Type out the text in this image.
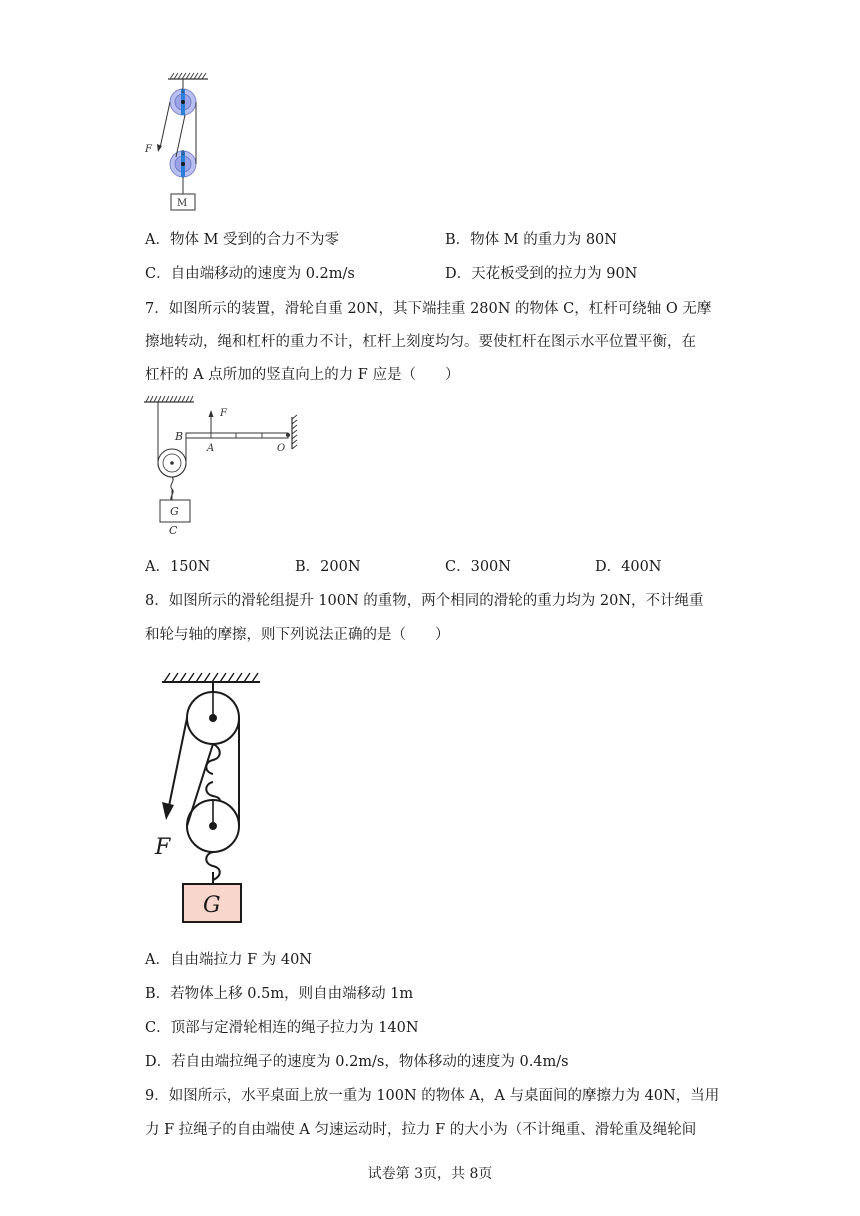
F
1
2
M
A．物体 M 受到的合力不为零	B．物体 M 的重力为 80N
C．自由端移动的速度为 0.2m/s	D．天花板受到的拉力为 90N
7．如图所示的装置，滑轮自重 20N，其下端挂重 280N 的物体 C，杠杆可绕轴 O 无摩
擦地转动，绳和杠杆的重力不计，杠杆上刻度均匀。要使杠杆在图示水平位置平衡，在
杠杆的 A 点所加的竖直向上的力 F 应是（　　）
F
B
A	O
G
C
A．150N	B．200N	C．300N	D．400N
8．如图所示的滑轮组提升 100N 的重物，两个相同的滑轮的重力均为 20N，不计绳重
和轮与轴的摩擦，则下列说法正确的是（　　）
F
G
A．自由端拉力 F 为 40N
B．若物体上移 0.5m，则自由端移动 1m
C．顶部与定滑轮相连的绳子拉力为 140N
D．若自由端拉绳子的速度为 0.2m/s，物体移动的速度为 0.4m/s
9．如图所示，水平桌面上放一重为 100N 的物体 A，A 与桌面间的摩擦力为 40N，当用
力 F 拉绳子的自由端使 A 匀速运动时，拉力 F 的大小为（不计绳重、滑轮重及绳轮间
试卷第 3页，共 8页
